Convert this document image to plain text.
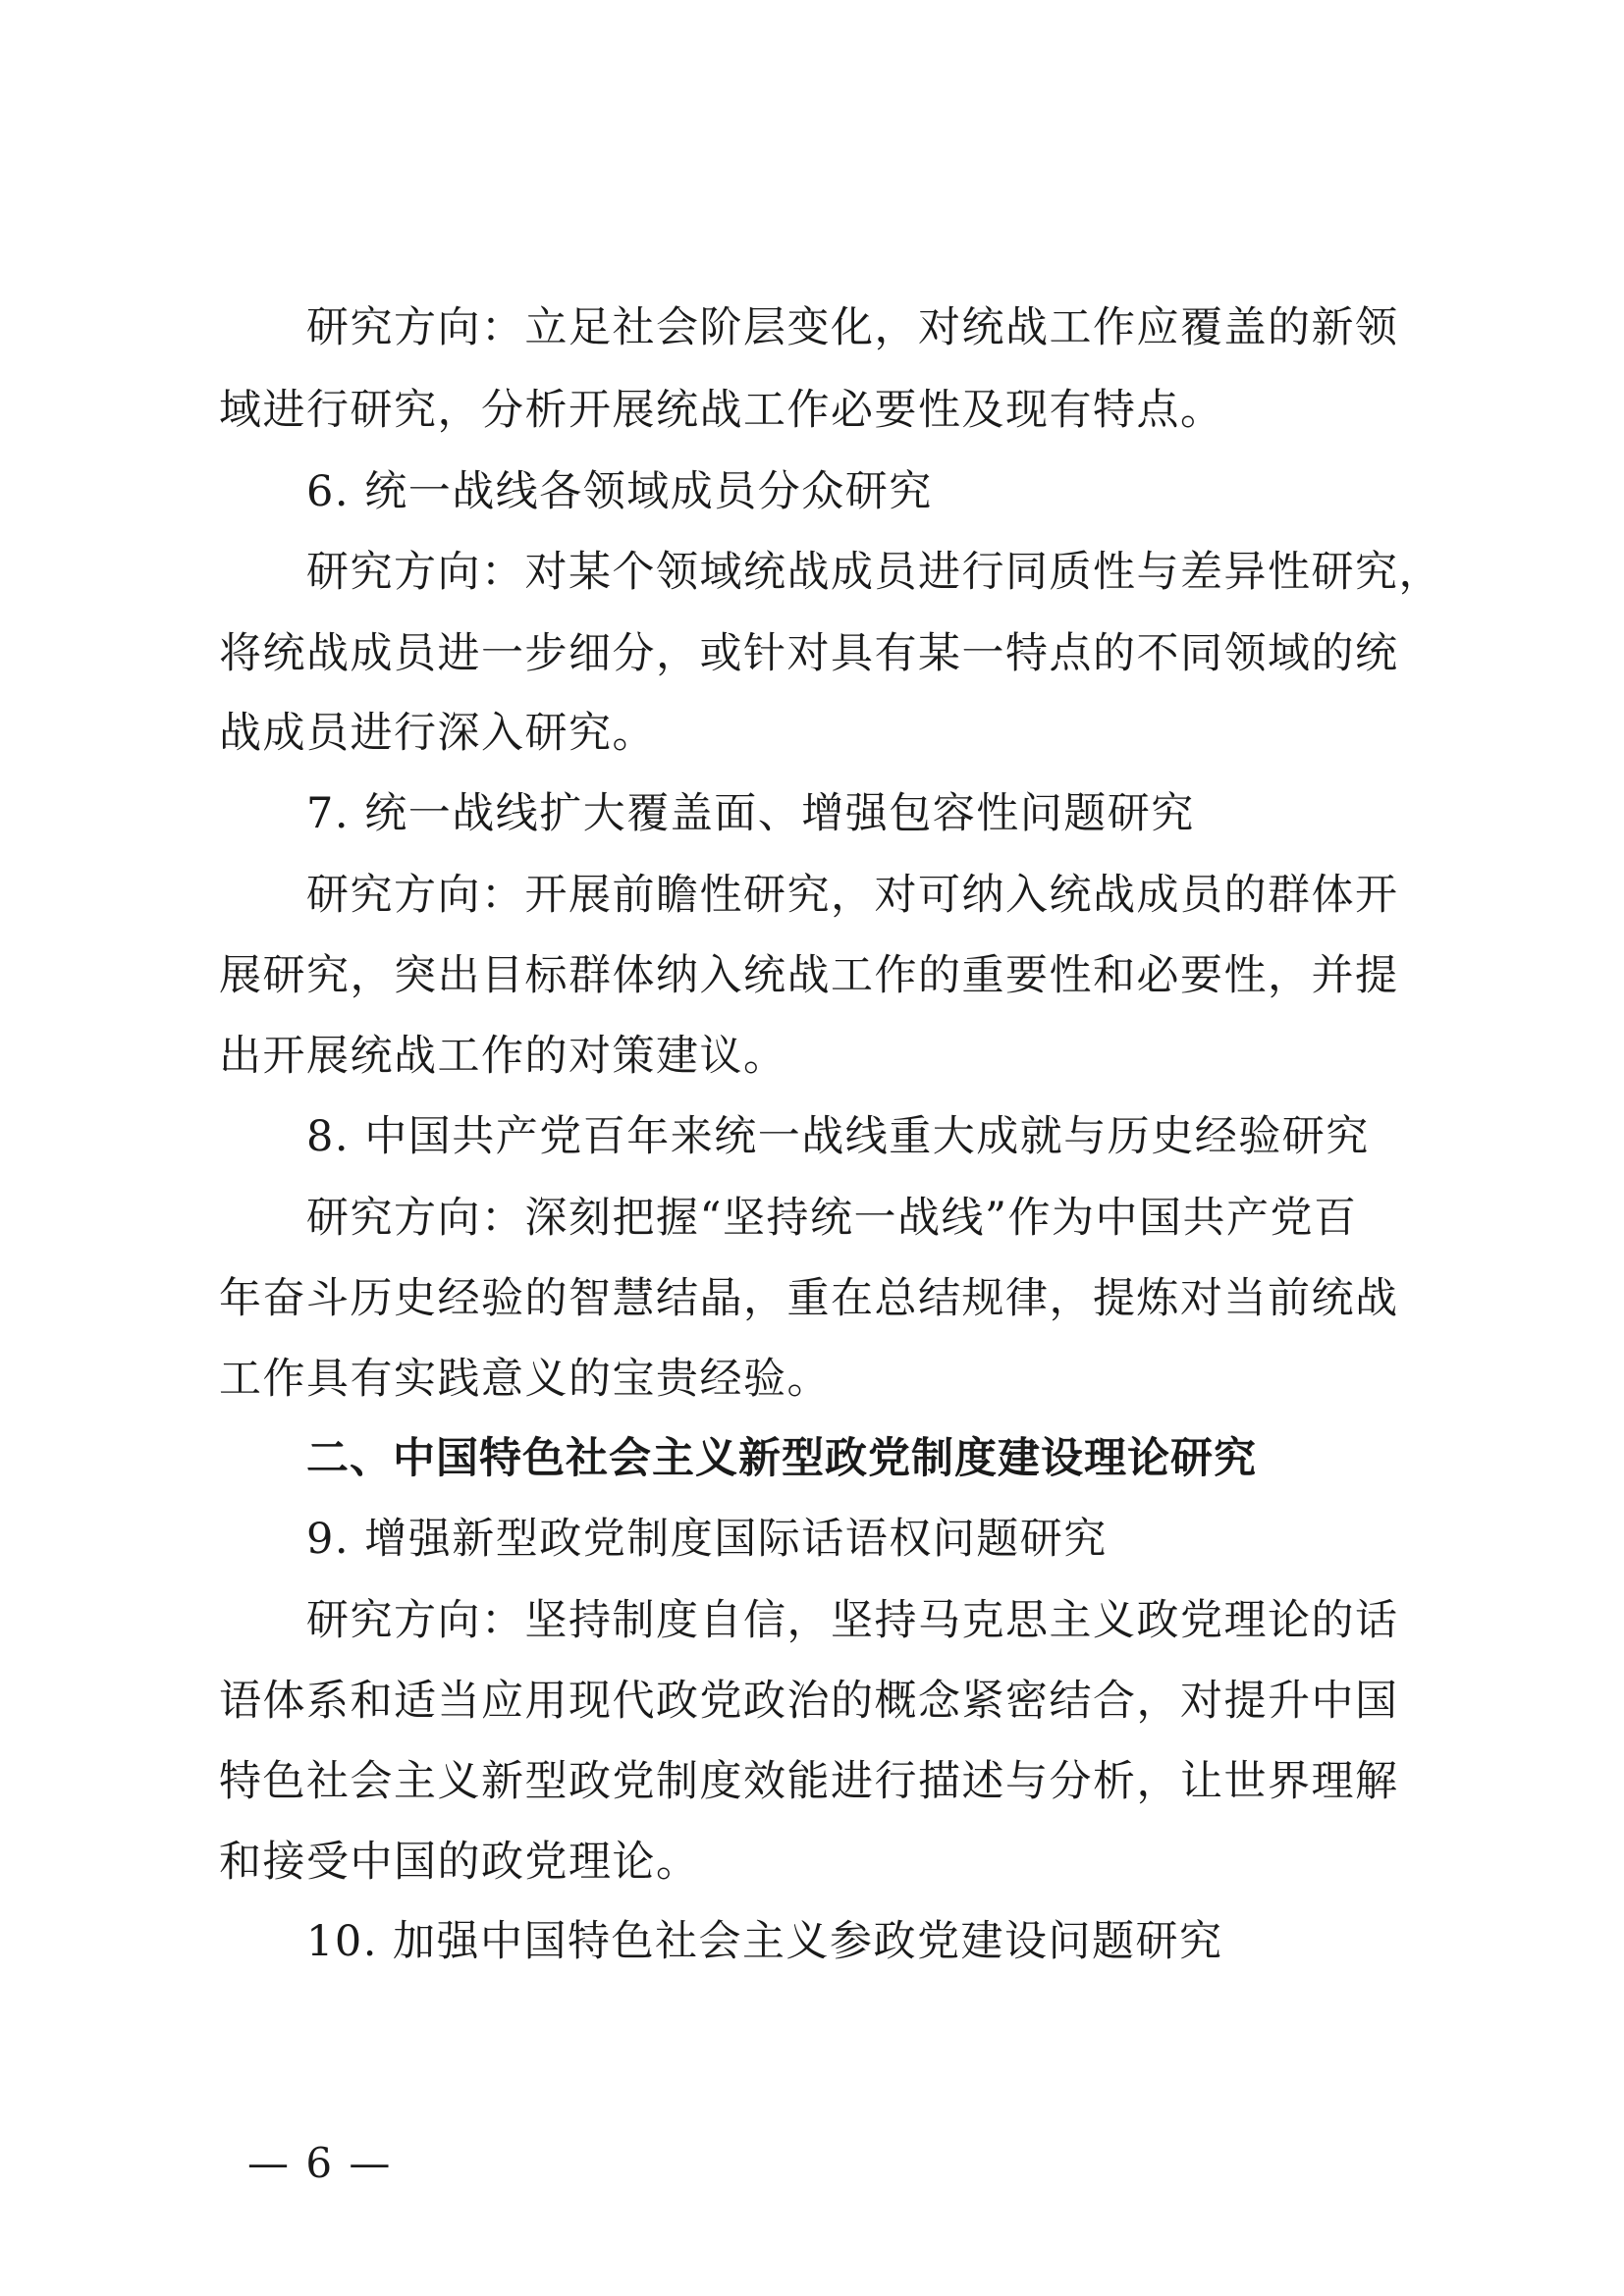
研究方向：立足社会阶层变化，对统战工作应覆盖的新领
域进行研究，分析开展统战工作必要性及现有特点。
6. 统一战线各领域成员分众研究
研究方向：对某个领域统战成员进行同质性与差异性研究，
将统战成员进一步细分，或针对具有某一特点的不同领域的统
战成员进行深入研究。
7. 统一战线扩大覆盖面、增强包容性问题研究
研究方向：开展前瞻性研究，对可纳入统战成员的群体开
展研究，突出目标群体纳入统战工作的重要性和必要性，并提
出开展统战工作的对策建议。
8. 中国共产党百年来统一战线重大成就与历史经验研究
研究方向：深刻把握“坚持统一战线”作为中国共产党百
年奋斗历史经验的智慧结晶，重在总结规律，提炼对当前统战
工作具有实践意义的宝贵经验。
二、中国特色社会主义新型政党制度建设理论研究
9. 增强新型政党制度国际话语权问题研究
研究方向：坚持制度自信，坚持马克思主义政党理论的话
语体系和适当应用现代政党政治的概念紧密结合，对提升中国
特色社会主义新型政党制度效能进行描述与分析，让世界理解
和接受中国的政党理论。
10. 加强中国特色社会主义参政党建设问题研究
— 6 —
